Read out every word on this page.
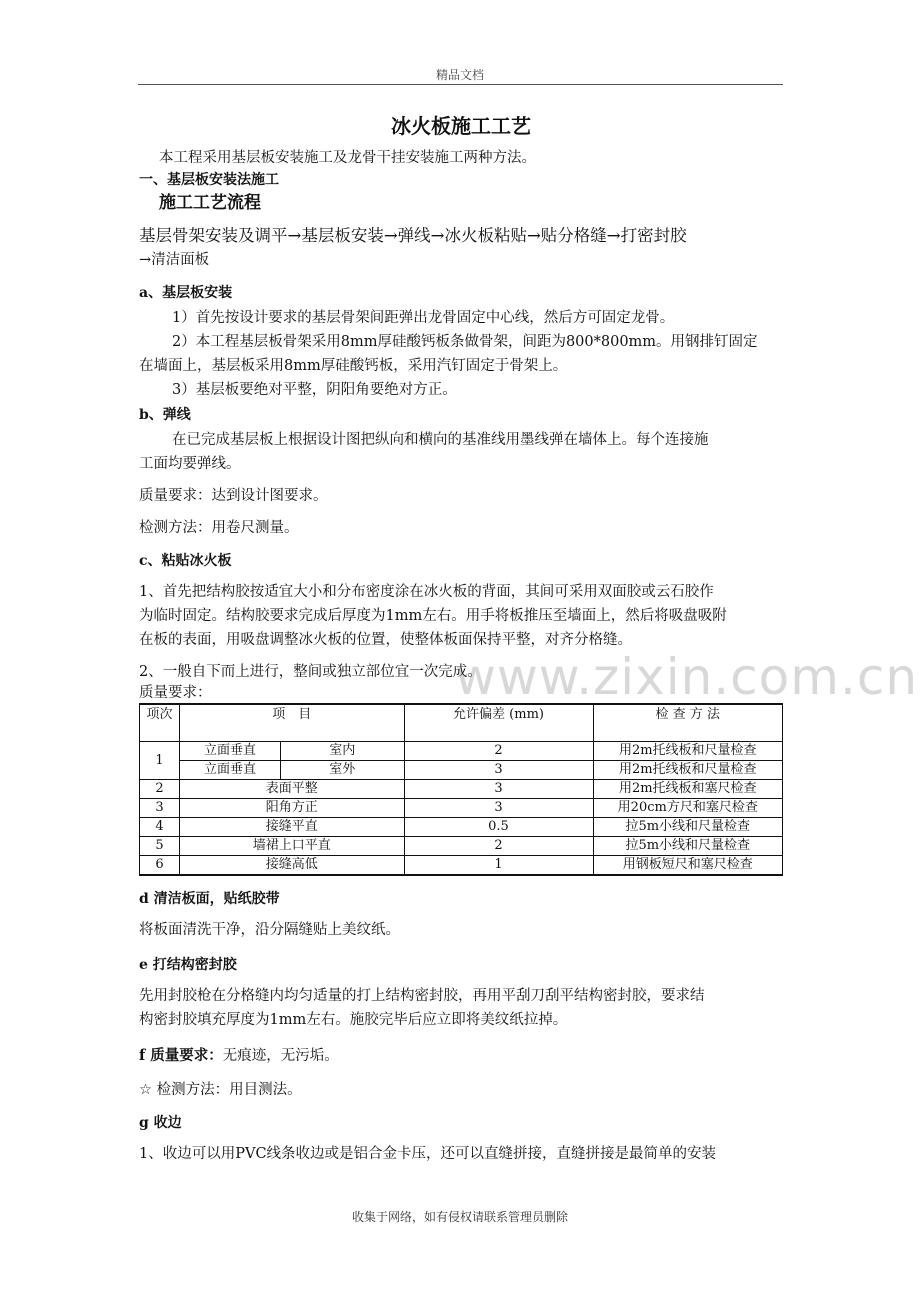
精品文档
www.zixin.com.cn
冰火板施工工艺

本工程采用基层板安装施工及龙骨干挂安装施工两种方法。

一、基层板安装法施工

施工工艺流程

基层骨架安装及调平→基层板安装→弹线→冰火板粘贴→贴分格缝→打密封胶

→清洁面板

a、基层板安装

1）首先按设计要求的基层骨架间距弹出龙骨固定中心线，然后方可固定龙骨。

2）本工程基层板骨架采用8mm厚硅酸钙板条做骨架，间距为800*800mm。用钢排钉固定

在墙面上，基层板采用8mm厚硅酸钙板，采用汽钉固定于骨架上。

3）基层板要绝对平整，阴阳角要绝对方正。

b、弹线

在已完成基层板上根据设计图把纵向和横向的基准线用墨线弹在墙体上。每个连接施

工面均要弹线。

质量要求：达到设计图要求。

检测方法：用卷尺测量。

c、粘贴冰火板

1、首先把结构胶按适宜大小和分布密度涂在冰火板的背面，其间可采用双面胶或云石胶作

为临时固定。结构胶要求完成后厚度为1mm左右。用手将板推压至墙面上，然后将吸盘吸附

在板的表面，用吸盘调整冰火板的位置，使整体板面保持平整，对齐分格缝。

2、一般自下而上进行，整间或独立部位宜一次完成。

质量要求：

项次	项　目		允许偏差 (mm)	检 查 方 法
1	立面垂直	室内	2	用2m托线板和尺量检查
	立面垂直	室外	3	用2m托线板和尺量检查
2	表面平整		3	用2m托线板和塞尺检查
3	阳角方正		3	用20cm方尺和塞尺检查
4	接缝平直		0.5	拉5m小线和尺量检查
5	墙裙上口平直		2	拉5m小线和尺量检查
6	接缝高低		1	用钢板短尺和塞尺检查

d 清洁板面，贴纸胶带

将板面清洗干净，沿分隔缝贴上美纹纸。

e 打结构密封胶

先用封胶枪在分格缝内均匀适量的打上结构密封胶，再用平刮刀刮平结构密封胶，要求结

构密封胶填充厚度为1mm左右。施胶完毕后应立即将美纹纸拉掉。

f 质量要求：无痕迹，无污垢。

☆ 检测方法：用目测法。

g 收边

1、收边可以用PVC线条收边或是铝合金卡压，还可以直缝拼接，直缝拼接是最简单的安装

收集于网络，如有侵权请联系管理员删除
